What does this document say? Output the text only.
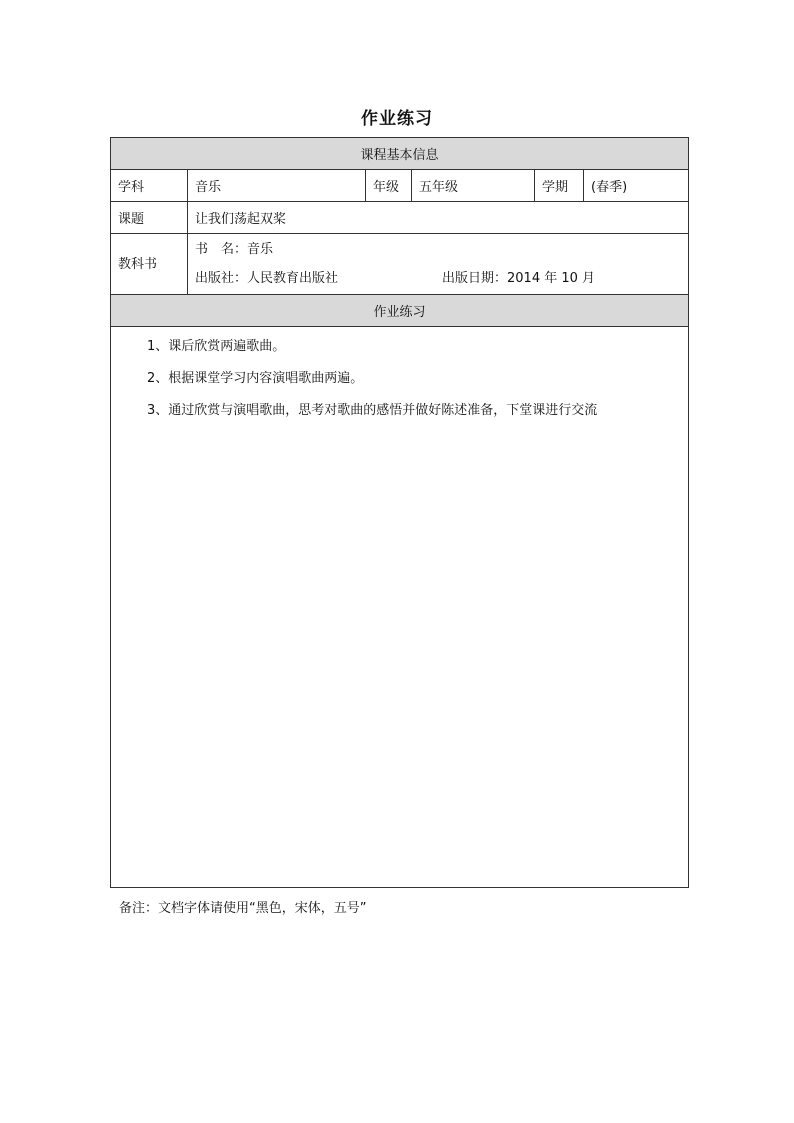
作业练习
课程基本信息					
学科	音乐	年级	五年级	学期	(春季)
课题	让我们荡起双桨				

教科书	书　名：音乐
出版社：人民教育出版社 出版日期：2014 年 10 月				

作业练习					

1、课后欣赏两遍歌曲。
2、根据课堂学习内容演唱歌曲两遍。
3、通过欣赏与演唱歌曲，思考对歌曲的感悟并做好陈述准备，下堂课进行交流					
备注：文档字体请使用“黑色，宋体，五号”
